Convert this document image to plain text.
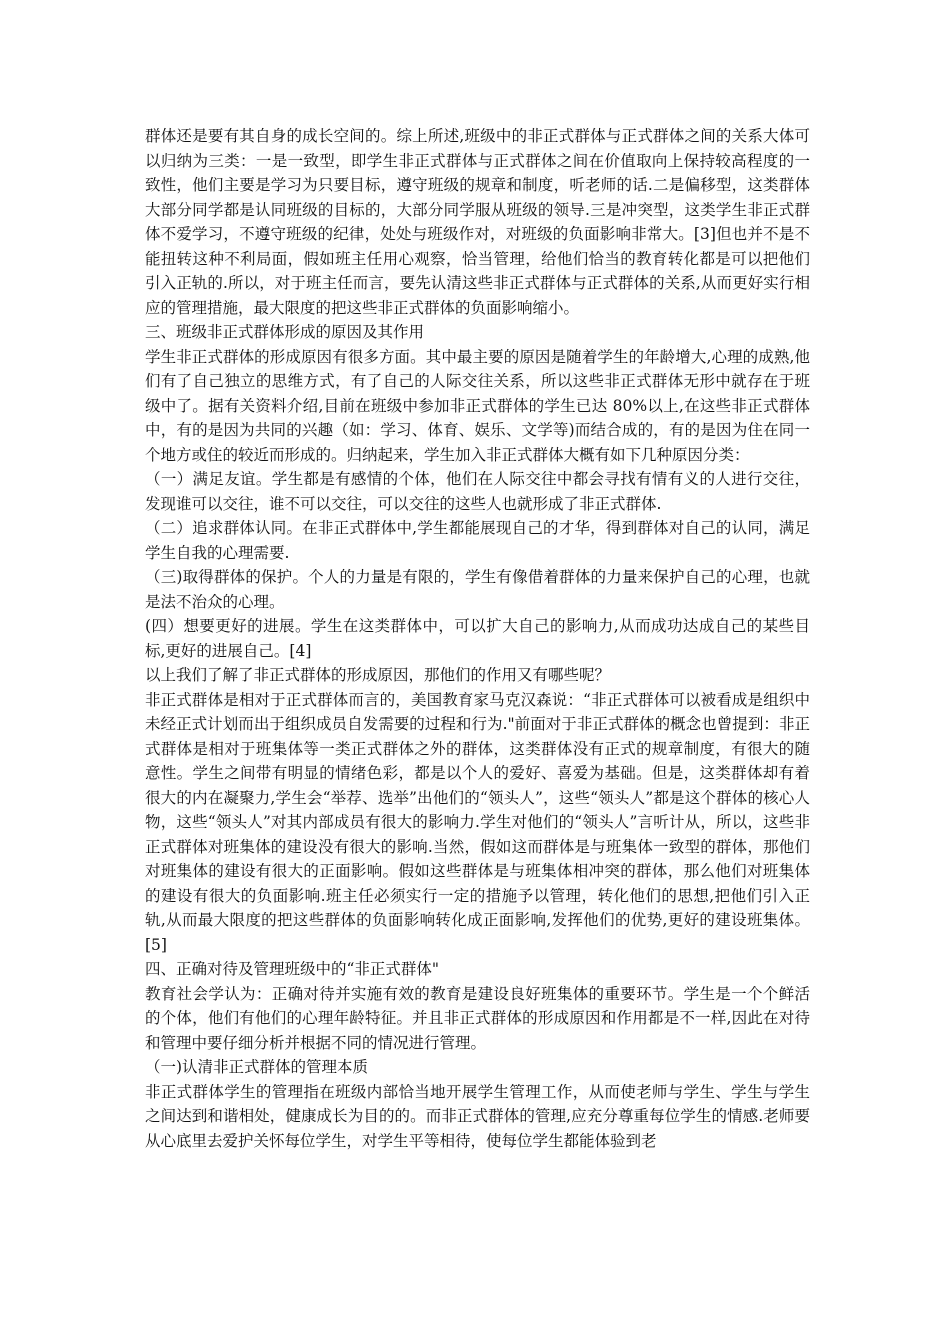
群体还是要有其自身的成长空间的。综上所述,班级中的非正式群体与正式群体之间的关系大体可以归纳为三类：一是一致型，即学生非正式群体与正式群体之间在价值取向上保持较高程度的一致性，他们主要是学习为只要目标，遵守班级的规章和制度，听老师的话.二是偏移型，这类群体大部分同学都是认同班级的目标的，大部分同学服从班级的领导.三是冲突型，这类学生非正式群体不爱学习，不遵守班级的纪律，处处与班级作对，对班级的负面影响非常大。[3]但也并不是不能扭转这种不利局面，假如班主任用心观察，恰当管理，给他们恰当的教育转化都是可以把他们引入正轨的.所以，对于班主任而言，要先认清这些非正式群体与正式群体的关系,从而更好实行相应的管理措施，最大限度的把这些非正式群体的负面影响缩小。

三、班级非正式群体形成的原因及其作用

学生非正式群体的形成原因有很多方面。其中最主要的原因是随着学生的年龄增大,心理的成熟,他们有了自己独立的思维方式，有了自己的人际交往关系，所以这些非正式群体无形中就存在于班级中了。据有关资料介绍,目前在班级中参加非正式群体的学生已达 80%以上,在这些非正式群体中，有的是因为共同的兴趣（如：学习、体育、娱乐、文学等)而结合成的，有的是因为住在同一个地方或住的较近而形成的。归纳起来，学生加入非正式群体大概有如下几种原因分类：

（一）满足友谊。学生都是有感情的个体，他们在人际交往中都会寻找有情有义的人进行交往，发现谁可以交往，谁不可以交往，可以交往的这些人也就形成了非正式群体.

（二）追求群体认同。在非正式群体中,学生都能展现自己的才华，得到群体对自己的认同，满足学生自我的心理需要.

（三)取得群体的保护。个人的力量是有限的，学生有像借着群体的力量来保护自己的心理，也就是法不治众的心理。

(四）想要更好的进展。学生在这类群体中，可以扩大自己的影响力,从而成功达成自己的某些目标,更好的进展自己。[4]

以上我们了解了非正式群体的形成原因，那他们的作用又有哪些呢？

非正式群体是相对于正式群体而言的，美国教育家马克汉森说：“非正式群体可以被看成是组织中未经正式计划而出于组织成员自发需要的过程和行为."前面对于非正式群体的概念也曾提到：非正式群体是相对于班集体等一类正式群体之外的群体，这类群体没有正式的规章制度，有很大的随意性。学生之间带有明显的情绪色彩，都是以个人的爱好、喜爱为基础。但是，这类群体却有着很大的内在凝聚力,学生会“举荐、选举”出他们的“领头人”，这些“领头人”都是这个群体的核心人物，这些“领头人”对其内部成员有很大的影响力.学生对他们的“领头人”言听计从，所以，这些非正式群体对班集体的建设没有很大的影响.当然，假如这而群体是与班集体一致型的群体，那他们对班集体的建设有很大的正面影响。假如这些群体是与班集体相冲突的群体，那么他们对班集体的建设有很大的负面影响.班主任必须实行一定的措施予以管理，转化他们的思想,把他们引入正轨,从而最大限度的把这些群体的负面影响转化成正面影响,发挥他们的优势,更好的建设班集体。[5]

四、正确对待及管理班级中的“非正式群体"

教育社会学认为：正确对待并实施有效的教育是建设良好班集体的重要环节。学生是一个个鲜活的个体，他们有他们的心理年龄特征。并且非正式群体的形成原因和作用都是不一样,因此在对待和管理中要仔细分析并根据不同的情况进行管理。

（一)认清非正式群体的管理本质

非正式群体学生的管理指在班级内部恰当地开展学生管理工作，从而使老师与学生、学生与学生之间达到和谐相处，健康成长为目的的。而非正式群体的管理,应充分尊重每位学生的情感.老师要从心底里去爱护关怀每位学生，对学生平等相待，使每位学生都能体验到老
